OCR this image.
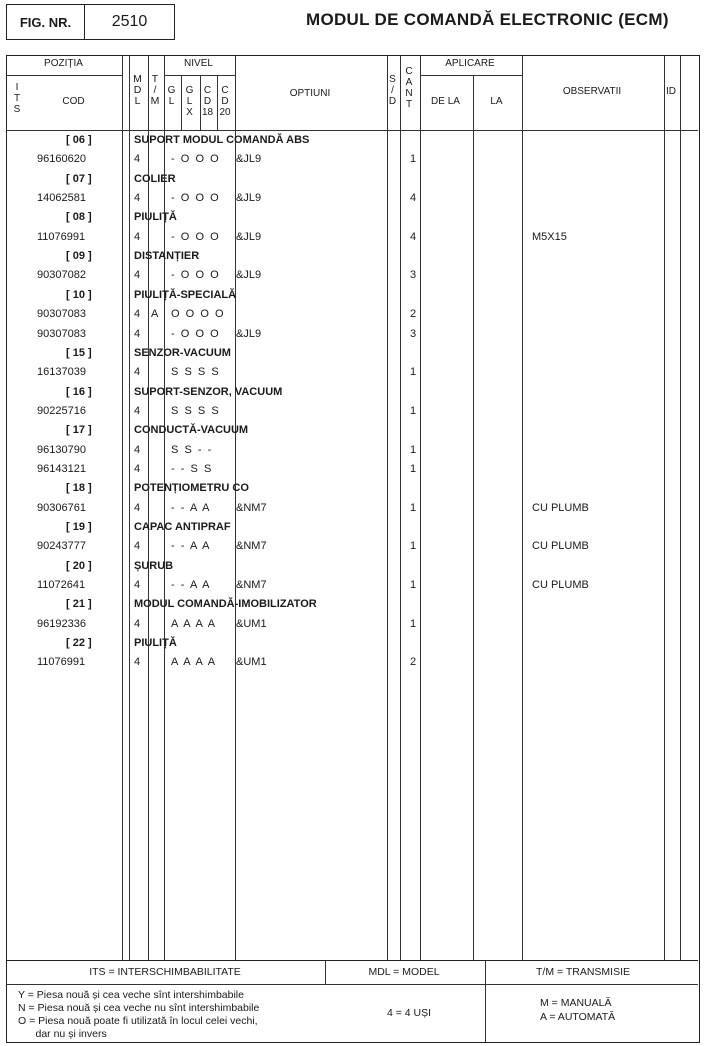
FIG. NR.	2510	MODUL DE COMANDĂ ELECTRONIC (ECM)
POZIȚIA
I
T
S
COD
M
D
L
T
/
M
NIVEL
G
L
G
L
X
C
D
18
C
D
20
OPTIUNI
S
/
D
C
A
N
T
APLICARE
DE LA	LA
OBSERVATII	ID
[ 06 ]	SUPORT MODUL COMANDĂ ABS
96160620	4	-  O  O  O &JL9	1
[ 07 ]	COLIER
14062581	4	-  O  O  O &JL9	4
[ 08 ]	PIULIȚĂ
11076991	4	-  O  O  O &JL9	4	M5X15
[ 09 ]	DISTANȚIER
90307082	4	-  O  O  O &JL9	3
[ 10 ]	PIULIȚĂ-SPECIALĂ
90307083	4 A O  O  O  O	2
90307083	4	-  O  O  O &JL9	3
[ 15 ]	SENZOR-VACUUM
16137039	4	S  S  S  S	1
[ 16 ]	SUPORT-SENZOR, VACUUM
90225716	4	S  S  S  S	1
[ 17 ]	CONDUCTĂ-VACUUM
96130790	4	S  S  -  -	1
96143121	4	-  -  S  S	1
[ 18 ]	POTENȚIOMETRU CO
90306761	4	-  -  A  A &NM7	1	CU PLUMB
[ 19 ]	CAPAC ANTIPRAF
90243777	4	-  -  A  A &NM7	1	CU PLUMB
[ 20 ]	ȘURUB
11072641	4	-  -  A  A &NM7	1	CU PLUMB
[ 21 ]	MODUL COMANDĂ-IMOBILIZATOR
96192336	4	A  A  A  A &UM1	1
[ 22 ]	PIULIȚĂ
11076991	4	A  A  A  A &UM1	2
ITS = INTERSCHIMBABILITATE	MDL = MODEL	T/M = TRANSMISIE
Y = Piesa nouă și cea veche sînt intershimbabile
N = Piesa nouă și cea veche nu sînt intershimbabile
O = Piesa nouă poate fi utilizată în locul celei vechi,
dar nu și invers
4 = 4 UȘI
M = MANUALĂ
A = AUTOMATĂ
